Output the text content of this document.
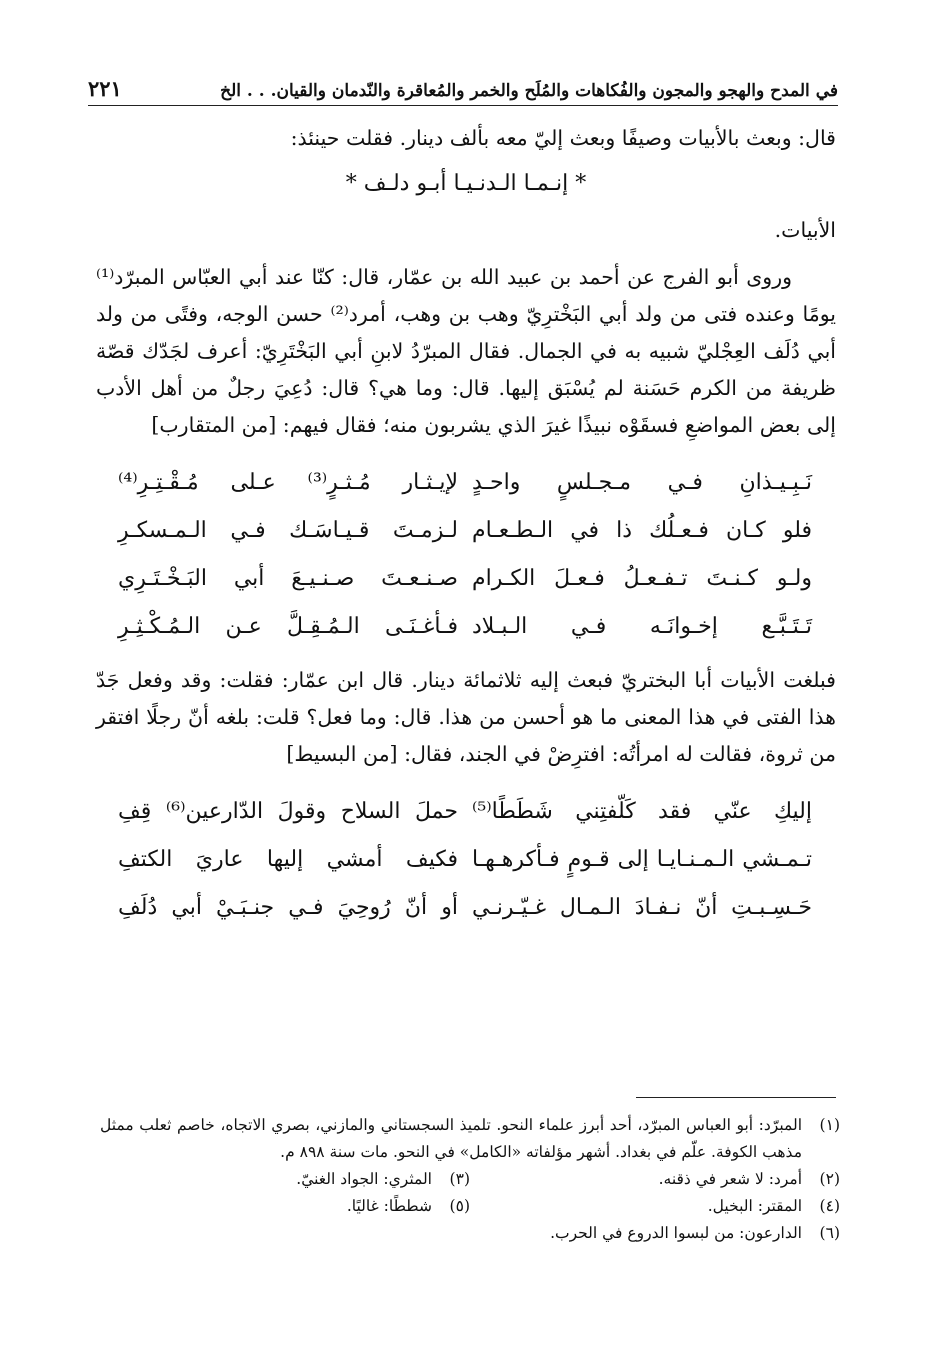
٢٢١	في المدح والهجو والمجون والفُكاهات والمُلَح والخمر والمُعاقرة والنّدمان والقيان. . . الخ

قال: وبعث بالأبيات وصيفًا وبعث إليّ معه بألف دينار. فقلت حينئذ:

* إنـمـا الـدنـيـا أبـو دلـف *

الأبيات.

وروى أبو الفرج عن أحمد بن عبيد الله بن عمّار، قال: كنّا عند أبي العبّاس المبرّد⁽¹⁾ يومًا وعنده فتى من ولد أبي البَخْترِيّ وهب بن وهب، أمرد⁽²⁾ حسن الوجه، وفتًى من ولد أبي دُلَف العِجْليّ شبيه به في الجمال. فقال المبرّدُ لابنِ أبي البَخْتَرِيّ: أعرف لجَدّك قصّة ظريفة من الكرم حَسَنة لم يُسْبَق إليها. قال: وما هي؟ قال: دُعِيَ رجلٌ من أهل الأدب إلى بعض المواضعِ فسقَوْه نبيذًا غيرَ الذي يشربون منه؛ فقال فيهم: [من المتقارب]

نَـبِـيـذانِ فـي مـجـلسٍ واحـدٍ
لإيـثـار مُـثـرٍ⁽³⁾ عـلى مُـقْـتِـرِ⁽⁴⁾
فلو كـان فـعـلُك ذا في الـطـعـام
لـزمـتَ قـيـاسَـك فـي الـمـسكـرِ
ولـو كـنـتَ تـفـعـلُ فـعـلَ الكـرام
صـنـعـتَ صـنـيـعَ أبي البَـخْـتَـرِي
تَـتَـبَّـع إخـوانَـه فـي الـبـلاد
فـأغـنَـى الـمُـقِـلَّ عـن الـمُـكْـثِـرِ

فبلغت الأبيات أبا البختريّ فبعث إليه ثلاثمائة دينار. قال ابن عمّار: فقلت: وقد وفعل جَدّ هذا الفتى في هذا المعنى ما هو أحسن من هذا. قال: وما فعل؟ قلت: بلغه أنّ رجلًا افتقر من ثروة، فقالت له امرأتُه: افترِضْ في الجند، فقال: [من البسيط]

إليكِ عنّي فقد كَلّفتِني شَطَطًا⁽⁵⁾
حملَ السلاح وقولَ الدّارعين⁽⁶⁾ قِفِ
تـمـشي الـمـنـايـا إلى قـومٍ فـأكرهـهـا
فكيف أمشي إليها عاريَ الكتفِ
حَـسِـبـتِ أنّ نـفـادَ الـمـال غـيّـرنـي
أو أنّ رُوحِيَ فـي جنـبَـيْ أبي دُلَفِ
(١)
المبرّد: أبو العباس المبرّد، أحد أبرز علماء النحو. تلميذ السجستاني والمازني، بصري الاتجاه، خاصم ثعلب ممثل مذهب الكوفة. علّم في بغداد. أشهر مؤلفاته «الكامل» في النحو. مات سنة ٨٩٨ م.
(٢)
أمرد: لا شعر في ذقنه.
(٣)
المثري: الجواد الغنيّ.
(٤)
المقتر: البخيل.
(٥)
شططًا: غاليًا.
(٦)
الدارعون: من لبسوا الدروع في الحرب.
